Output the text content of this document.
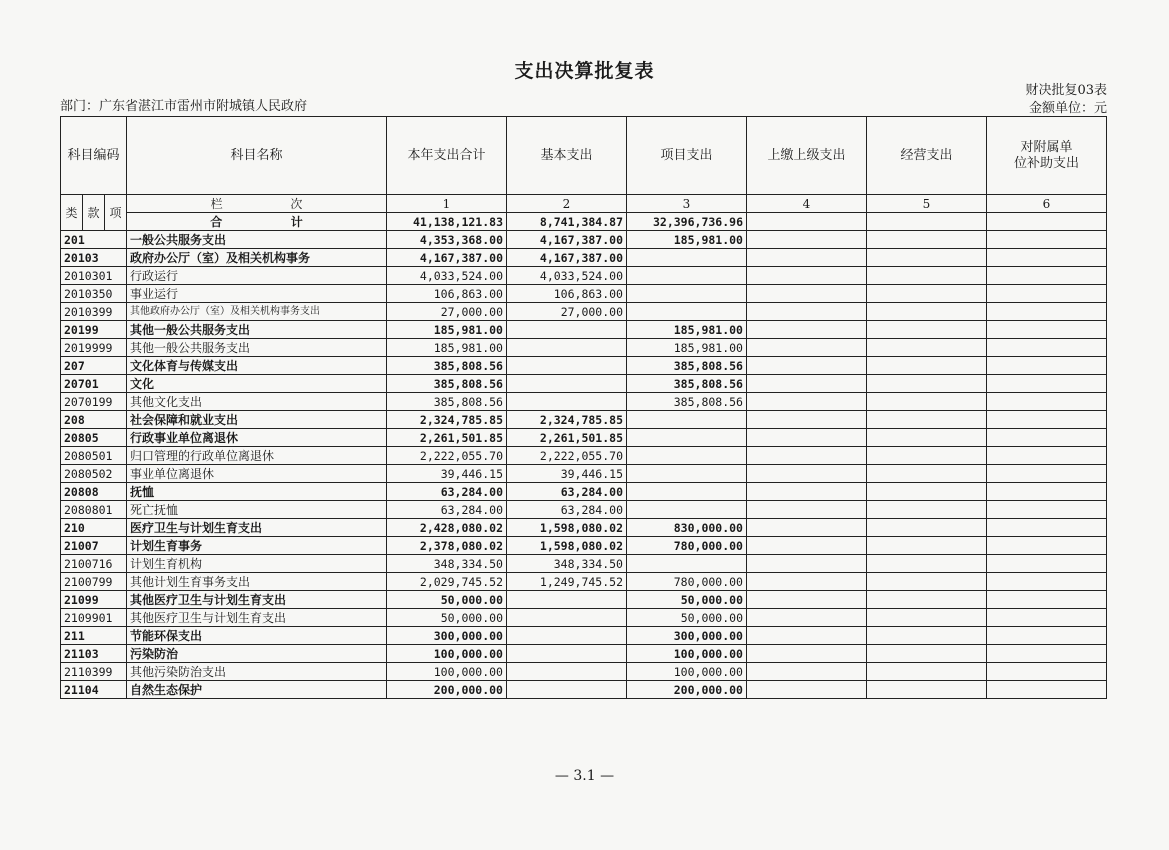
支出决算批复表
财决批复03表
部门：广东省湛江市雷州市附城镇人民政府	金额单位：元
科目编码			科目名称	本年支出合计	基本支出	项目支出	上缴上级支出	经营支出	对附属单
位补助支出

类	款	项	栏 次	1	2	3	4	5	6
			合 计	41,138,121.83	8,741,384.87	32,396,736.96			
201			一般公共服务支出	4,353,368.00	4,167,387.00	185,981.00			
20103			政府办公厅（室）及相关机构事务	4,167,387.00	4,167,387.00				
2010301			行政运行	4,033,524.00	4,033,524.00				
2010350			事业运行	106,863.00	106,863.00				
2010399			其他政府办公厅（室）及相关机构事务支出	27,000.00	27,000.00				
20199			其他一般公共服务支出	185,981.00		185,981.00			
2019999			其他一般公共服务支出	185,981.00		185,981.00			
207			文化体育与传媒支出	385,808.56		385,808.56			
20701			文化	385,808.56		385,808.56			
2070199			其他文化支出	385,808.56		385,808.56			
208			社会保障和就业支出	2,324,785.85	2,324,785.85				
20805			行政事业单位离退休	2,261,501.85	2,261,501.85				
2080501			归口管理的行政单位离退休	2,222,055.70	2,222,055.70				
2080502			事业单位离退休	39,446.15	39,446.15				
20808			抚恤	63,284.00	63,284.00				
2080801			死亡抚恤	63,284.00	63,284.00				
210			医疗卫生与计划生育支出	2,428,080.02	1,598,080.02	830,000.00			
21007			计划生育事务	2,378,080.02	1,598,080.02	780,000.00			
2100716			计划生育机构	348,334.50	348,334.50				
2100799			其他计划生育事务支出	2,029,745.52	1,249,745.52	780,000.00			
21099			其他医疗卫生与计划生育支出	50,000.00		50,000.00			
2109901			其他医疗卫生与计划生育支出	50,000.00		50,000.00			
211			节能环保支出	300,000.00		300,000.00			
21103			污染防治	100,000.00		100,000.00			
2110399			其他污染防治支出	100,000.00		100,000.00			
21104			自然生态保护	200,000.00		200,000.00			
— 3.1 —
